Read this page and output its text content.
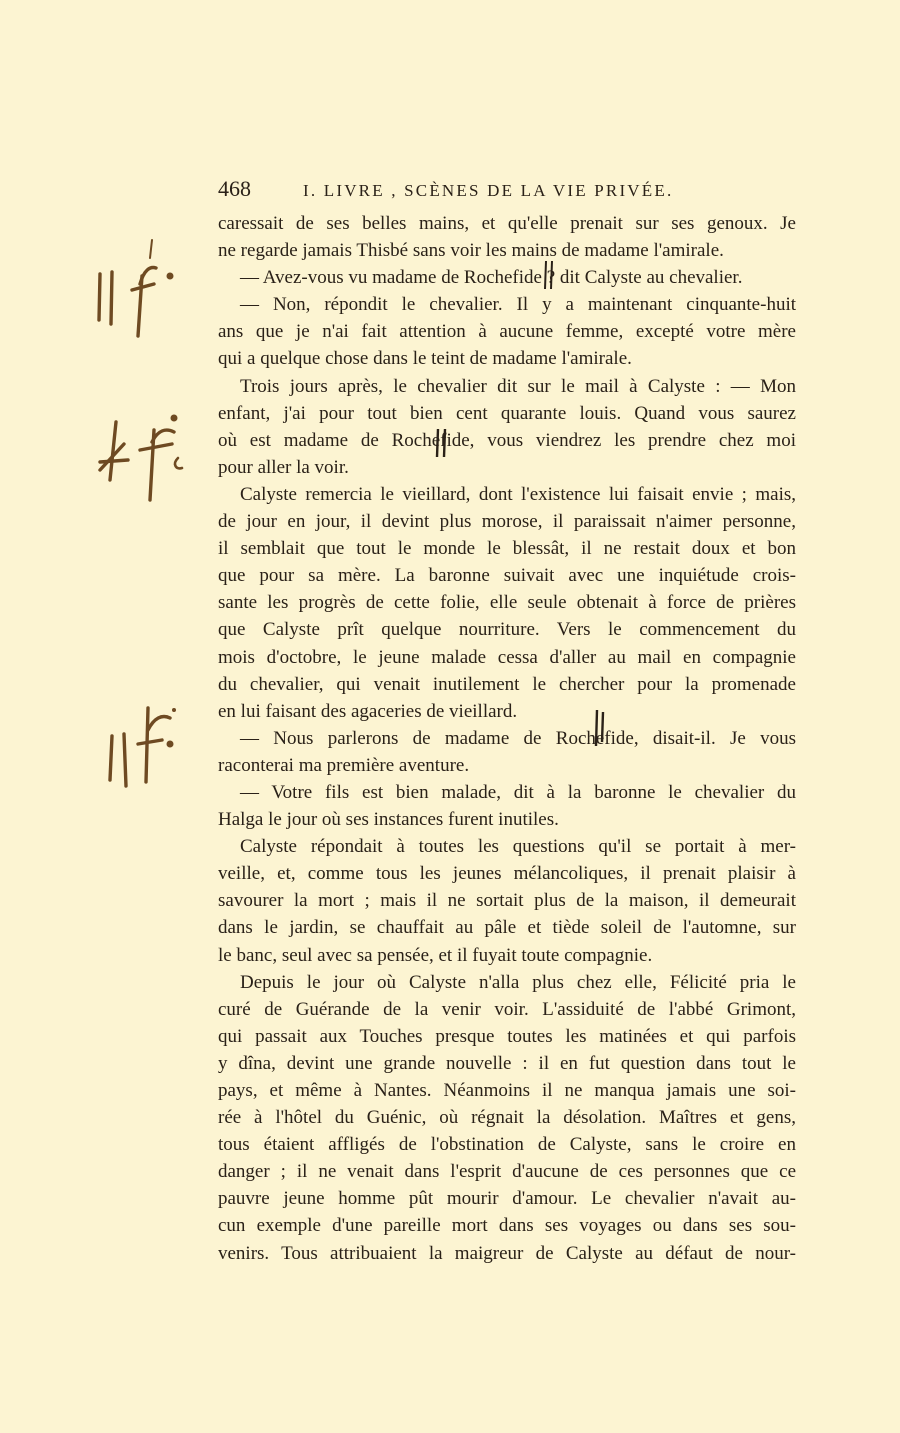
468	I. LIVRE , SCÈNES DE LA VIE PRIVÉE.
caressait de ses belles mains, et qu'elle prenait sur ses genoux. Je
ne regarde jamais Thisbé sans voir les mains de madame l'amirale.
— Avez-vous vu madame de Rochefide ? dit Calyste au chevalier.
— Non, répondit le chevalier. Il y a maintenant cinquante-huit
ans que je n'ai fait attention à aucune femme, excepté votre mère
qui a quelque chose dans le teint de madame l'amirale.
Trois jours après, le chevalier dit sur le mail à Calyste : — Mon
enfant, j'ai pour tout bien cent quarante louis. Quand vous saurez
où est madame de Rochefide, vous viendrez les prendre chez moi
pour aller la voir.
Calyste remercia le vieillard, dont l'existence lui faisait envie ; mais,
de jour en jour, il devint plus morose, il paraissait n'aimer personne,
il semblait que tout le monde le blessât, il ne restait doux et bon
que pour sa mère. La baronne suivait avec une inquiétude crois-
sante les progrès de cette folie, elle seule obtenait à force de prières
que Calyste prît quelque nourriture. Vers le commencement du
mois d'octobre, le jeune malade cessa d'aller au mail en compagnie
du chevalier, qui venait inutilement le chercher pour la promenade
en lui faisant des agaceries de vieillard.
— Nous parlerons de madame de Rochefide, disait-il. Je vous
raconterai ma première aventure.
— Votre fils est bien malade, dit à la baronne le chevalier du
Halga le jour où ses instances furent inutiles.
Calyste répondait à toutes les questions qu'il se portait à mer-
veille, et, comme tous les jeunes mélancoliques, il prenait plaisir à
savourer la mort ; mais il ne sortait plus de la maison, il demeurait
dans le jardin, se chauffait au pâle et tiède soleil de l'automne, sur
le banc, seul avec sa pensée, et il fuyait toute compagnie.
Depuis le jour où Calyste n'alla plus chez elle, Félicité pria le
curé de Guérande de la venir voir. L'assiduité de l'abbé Grimont,
qui passait aux Touches presque toutes les matinées et qui parfois
y dîna, devint une grande nouvelle : il en fut question dans tout le
pays, et même à Nantes. Néanmoins il ne manqua jamais une soi-
rée à l'hôtel du Guénic, où régnait la désolation. Maîtres et gens,
tous étaient affligés de l'obstination de Calyste, sans le croire en
danger ; il ne venait dans l'esprit d'aucune de ces personnes que ce
pauvre jeune homme pût mourir d'amour. Le chevalier n'avait au-
cun exemple d'une pareille mort dans ses voyages ou dans ses sou-
venirs. Tous attribuaient la maigreur de Calyste au défaut de nour-
